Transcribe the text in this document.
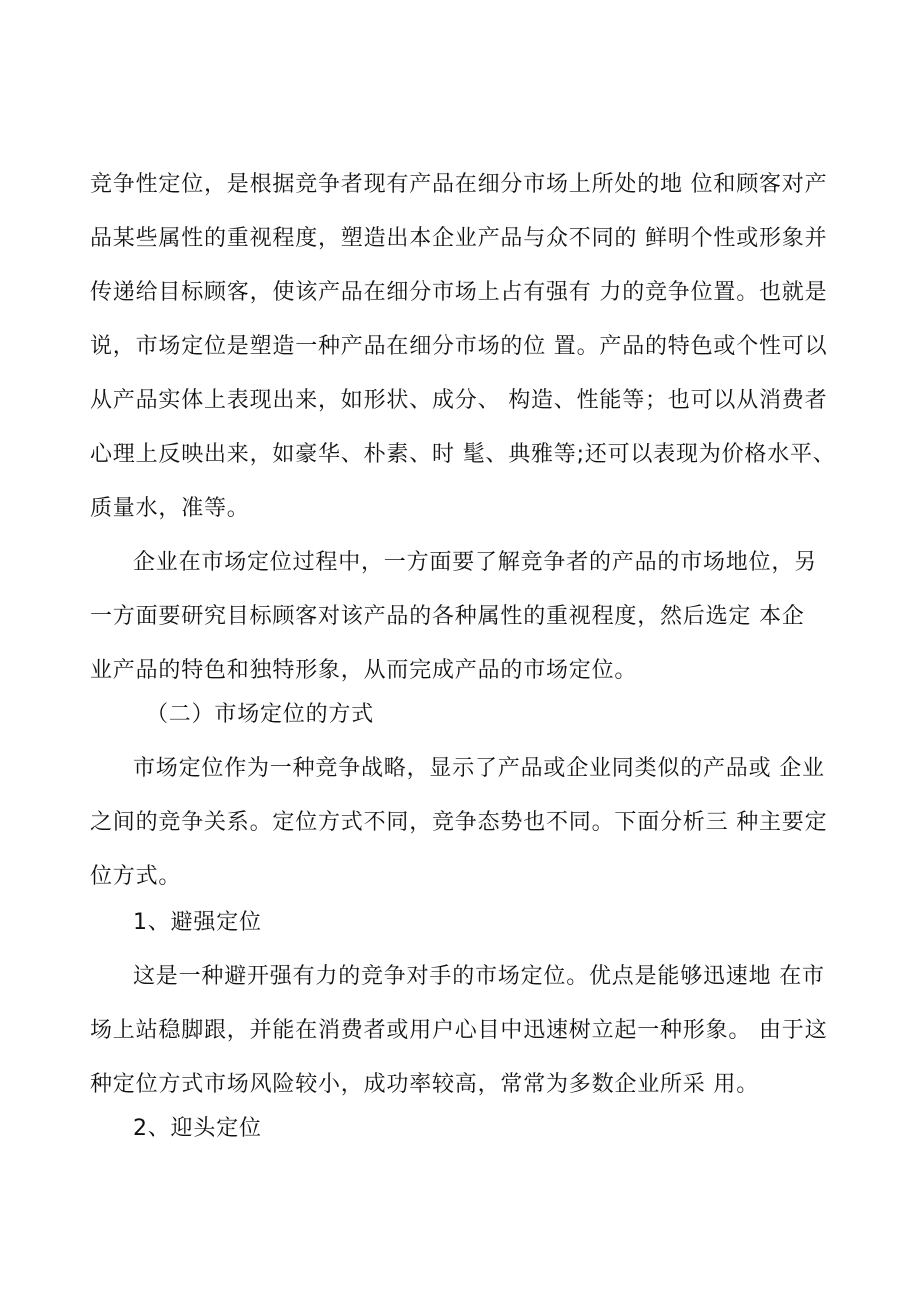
竞争性定位，是根据竞争者现有产品在细分市场上所处的地 位和顾客对产

品某些属性的重视程度，塑造出本企业产品与众不同的 鲜明个性或形象并

传递给目标顾客，使该产品在细分市场上占有强有 力的竞争位置。也就是

说，市场定位是塑造一种产品在细分市场的位 置。产品的特色或个性可以

从产品实体上表现出来，如形状、成分、 构造、性能等；也可以从消费者

心理上反映出来，如豪华、朴素、时 髦、典雅等;还可以表现为价格水平、

质量水，准等。

企业在市场定位过程中，一方面要了解竞争者的产品的市场地位，另

一方面要研究目标顾客对该产品的各种属性的重视程度，然后选定 本企

业产品的特色和独特形象，从而完成产品的市场定位。

（二）市场定位的方式

市场定位作为一种竞争战略，显示了产品或企业同类似的产品或 企业

之间的竞争关系。定位方式不同，竞争态势也不同。下面分析三 种主要定

位方式。

1、避强定位

这是一种避开强有力的竞争对手的市场定位。优点是能够迅速地 在市

场上站稳脚跟，并能在消费者或用户心目中迅速树立起一种形象。 由于这

种定位方式市场风险较小，成功率较高，常常为多数企业所采 用。

2、迎头定位
